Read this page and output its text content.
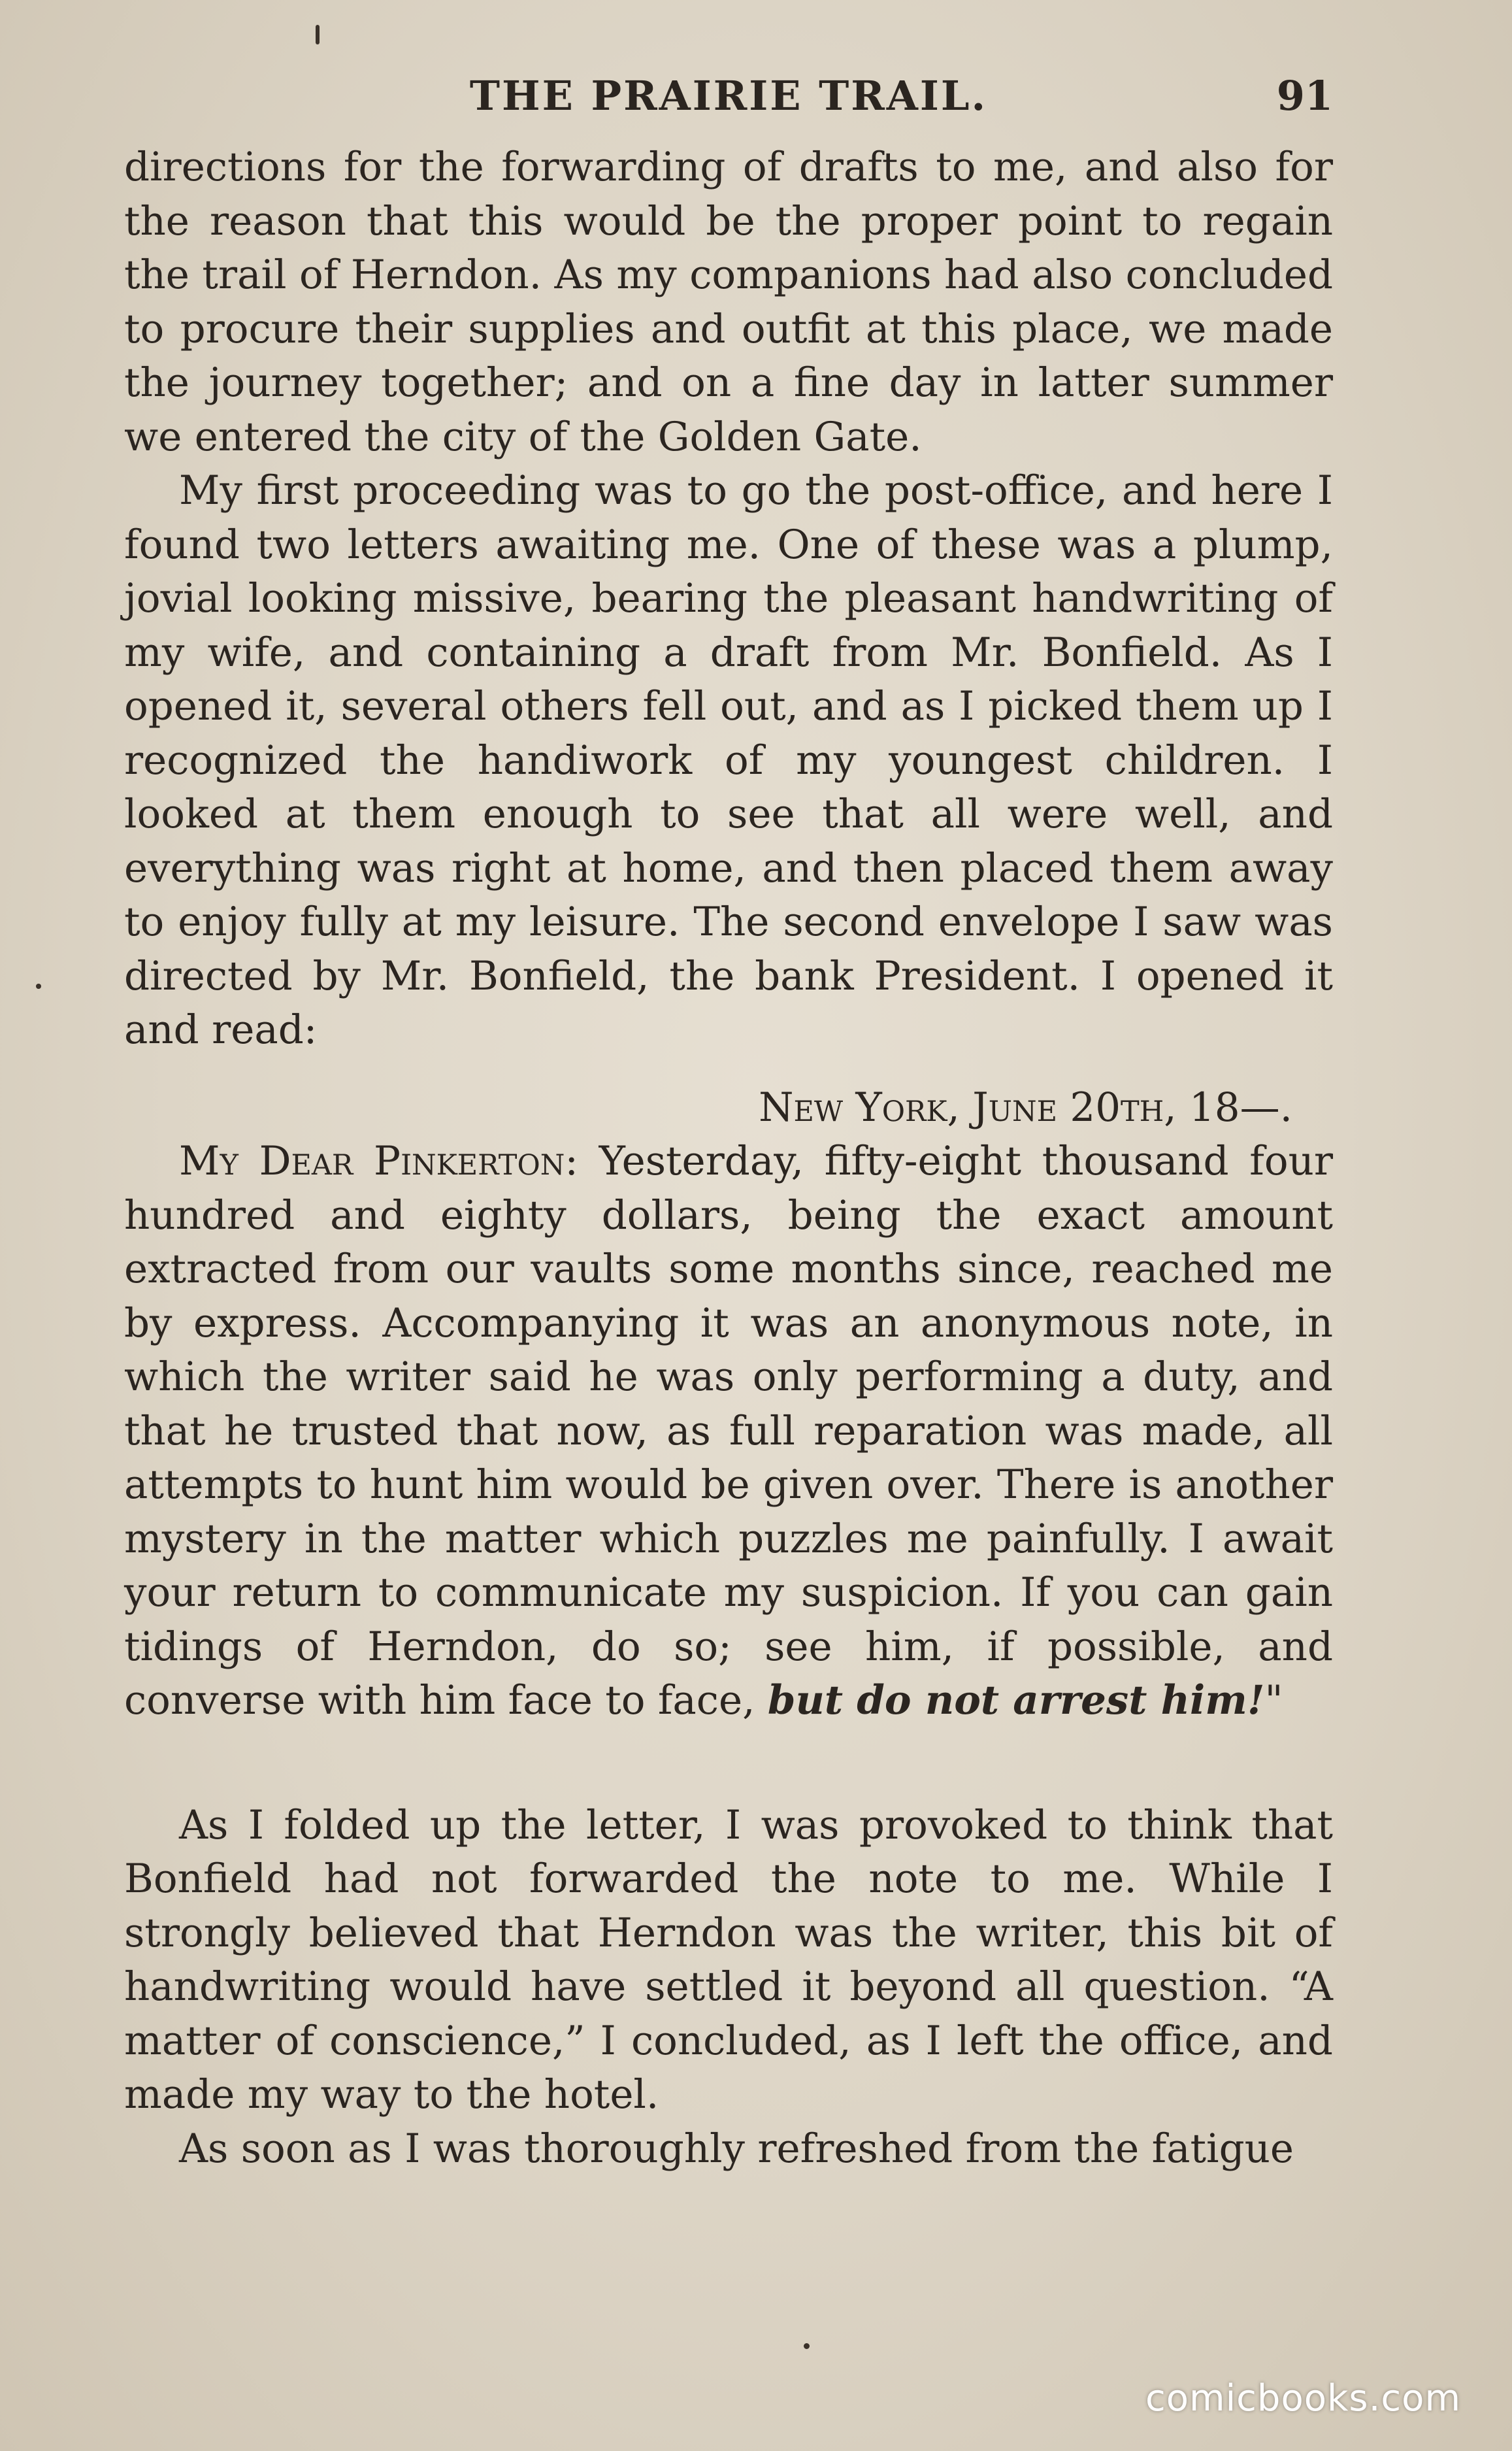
THE PRAIRIE TRAIL.	91

directions for the forwarding of drafts to me, and also for the reason that this would be the proper point to regain the trail of Herndon. As my companions had also concluded to procure their supplies and outfit at this place, we made the journey together; and on a fine day in latter summer we entered the city of the Golden Gate.

My first proceeding was to go the post-office, and here I found two letters awaiting me. One of these was a plump, jovial looking missive, bearing the pleasant handwriting of my wife, and containing a draft from Mr. Bonfield. As I opened it, several others fell out, and as I picked them up I recognized the handiwork of my youngest children. I looked at them enough to see that all were well, and everything was right at home, and then placed them away to enjoy fully at my leisure. The second envelope I saw was directed by Mr. Bonfield, the bank President. I opened it and read:

New York, June 20th, 18—.

My Dear Pinkerton: Yesterday, fifty-eight thousand four hundred and eighty dollars, being the exact amount extracted from our vaults some months since, reached me by express. Accompanying it was an anonymous note, in which the writer said he was only performing a duty, and that he trusted that now, as full reparation was made, all attempts to hunt him would be given over. There is another mystery in the matter which puzzles me painfully. I await your return to communicate my suspicion. If you can gain tidings of Herndon, do so; see him, if possible, and converse with him face to face, but do not arrest him!"

As I folded up the letter, I was provoked to think that Bonfield had not forwarded the note to me. While I strongly believed that Herndon was the writer, this bit of handwriting would have settled it beyond all question. “A matter of conscience,” I concluded, as I left the office, and made my way to the hotel.

As soon as I was thoroughly refreshed from the fatigue

comicbooks.com
